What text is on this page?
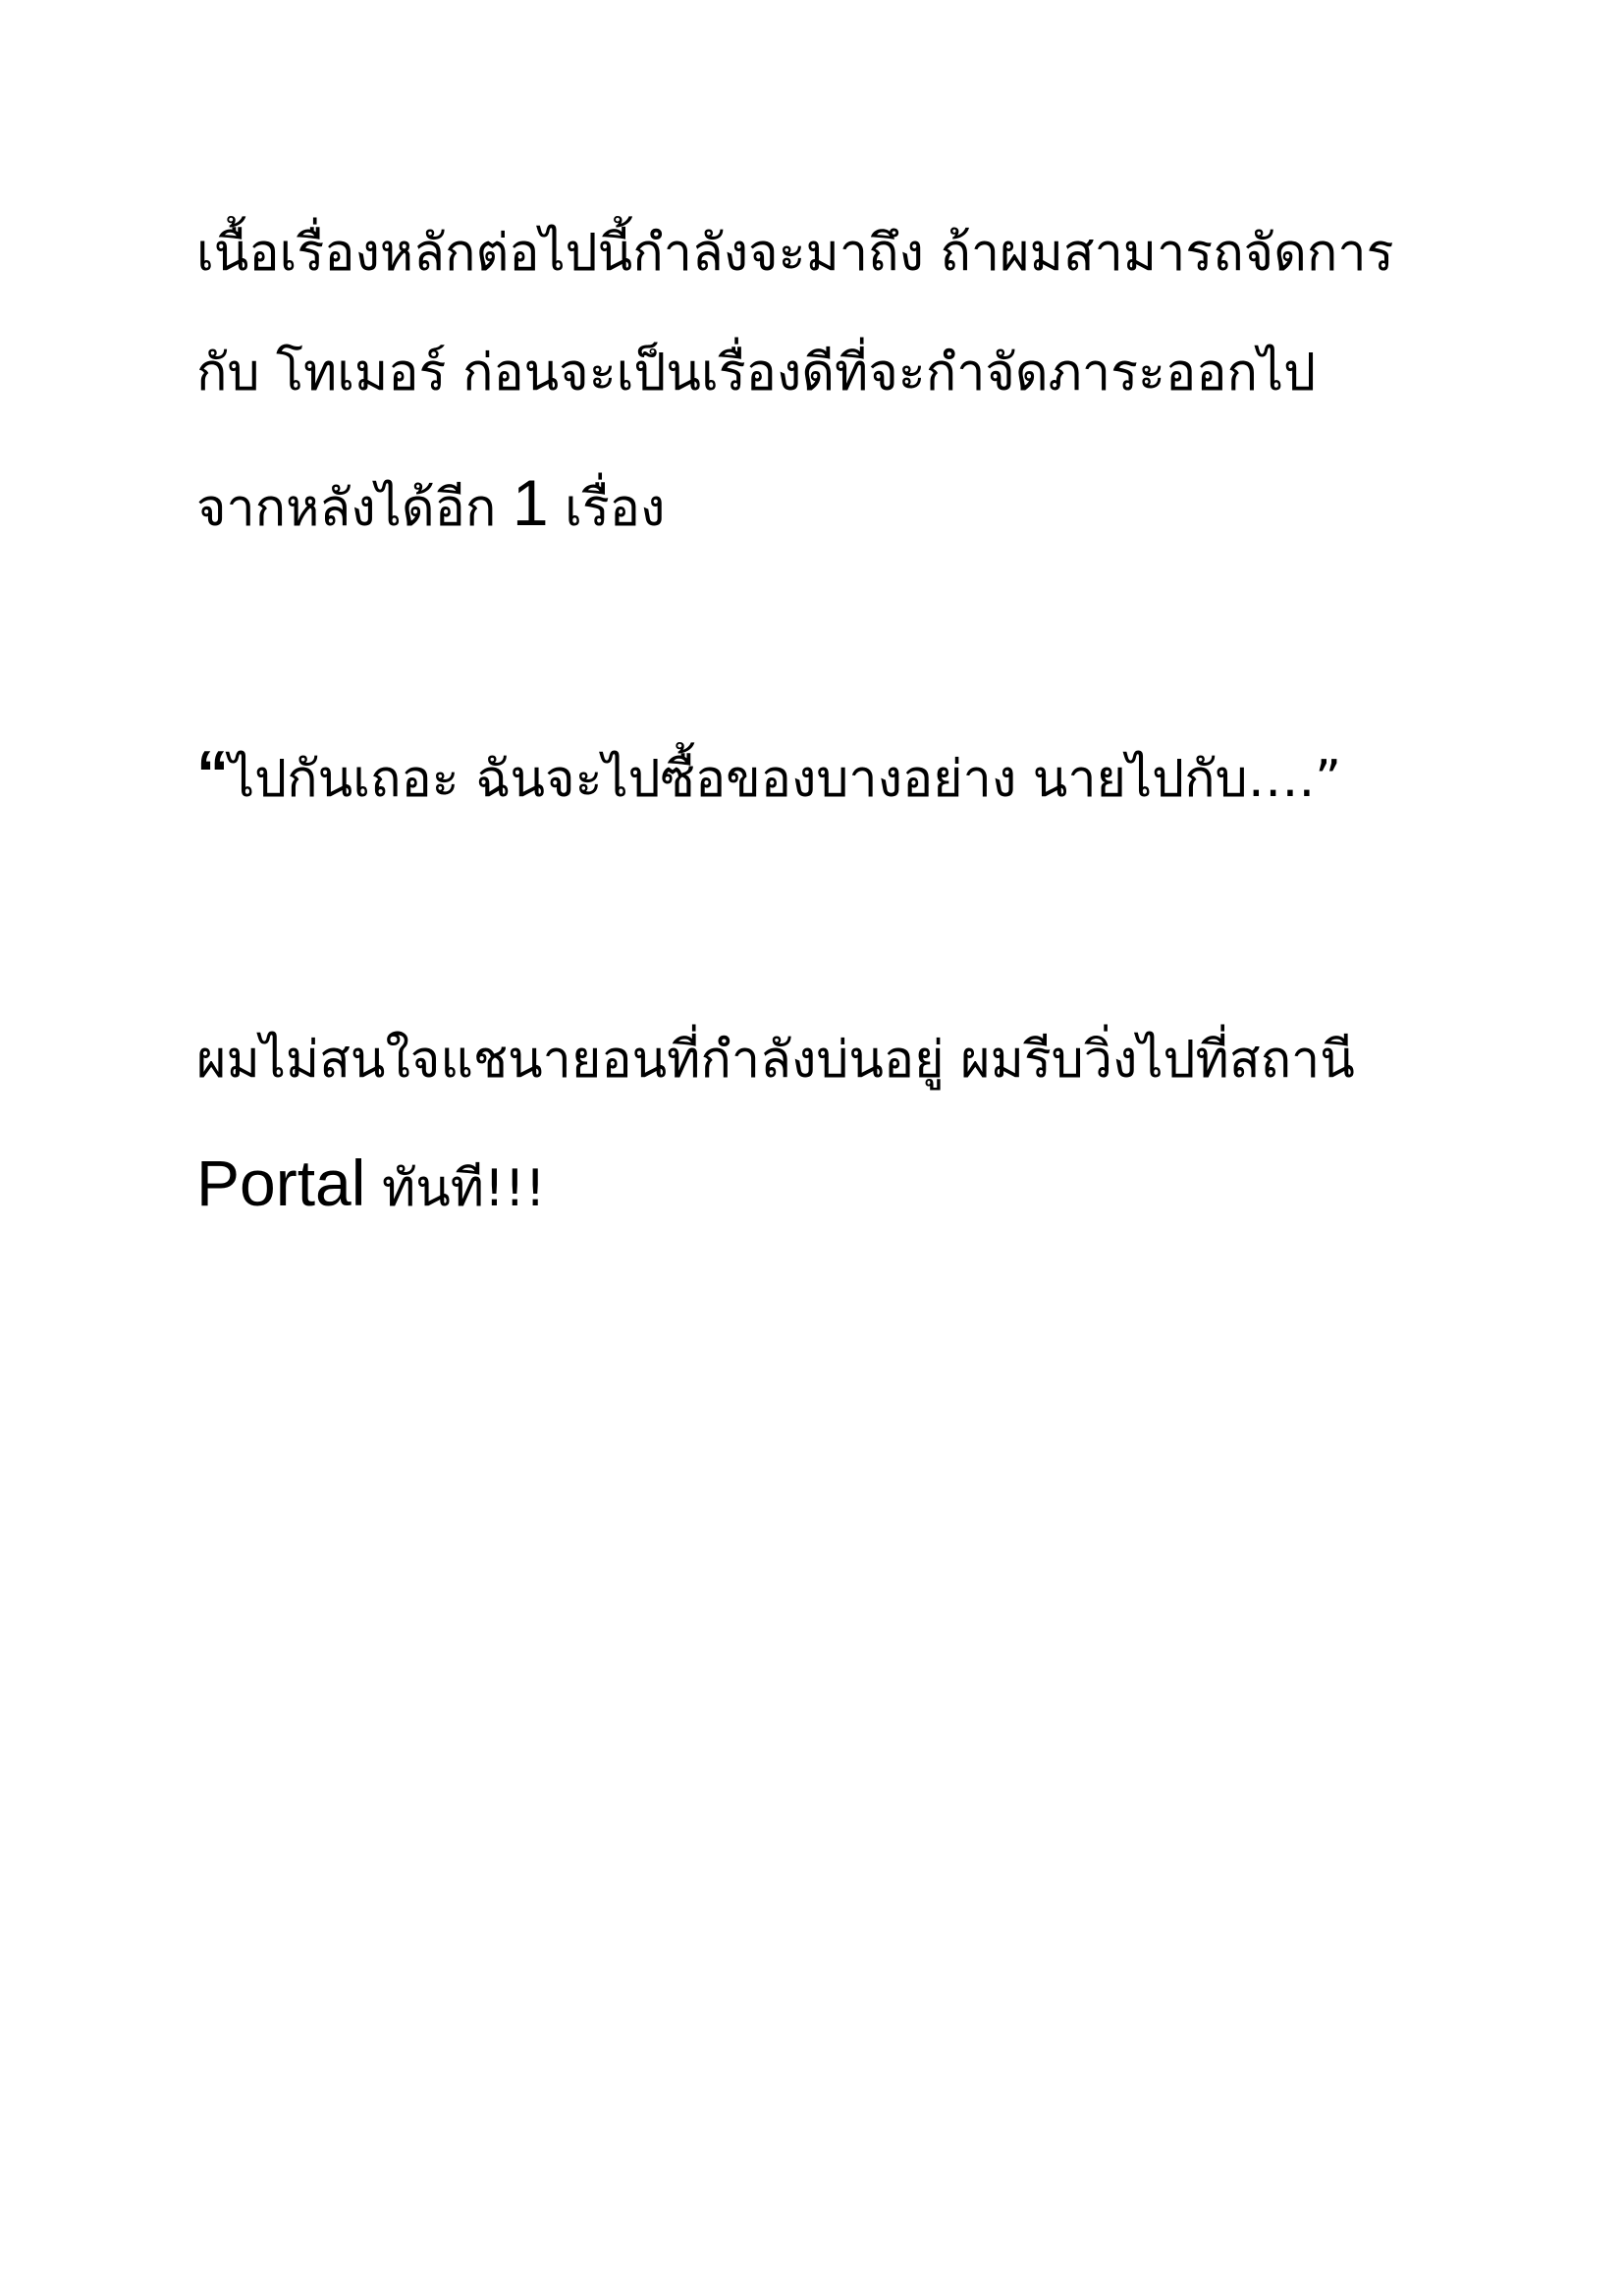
เนื้อเรื่องหลักต่อไปนี้กำลังจะมาถึง ถ้าผมสามารถจัดการ
กับ โทเมอร์ ก่อนจะเป็นเรื่องดีที่จะกำจัดภาระออกไป
จากหลังได้อีก 1 เรื่อง
“ไปกันเถอะ ฉันจะไปซื้อของบางอย่าง นายไปกับ….”
ผมไม่สนใจแชนายอนที่กำลังบ่นอยู่ ผมรีบวิ่งไปที่สถานี
Portal ทันที!!!
